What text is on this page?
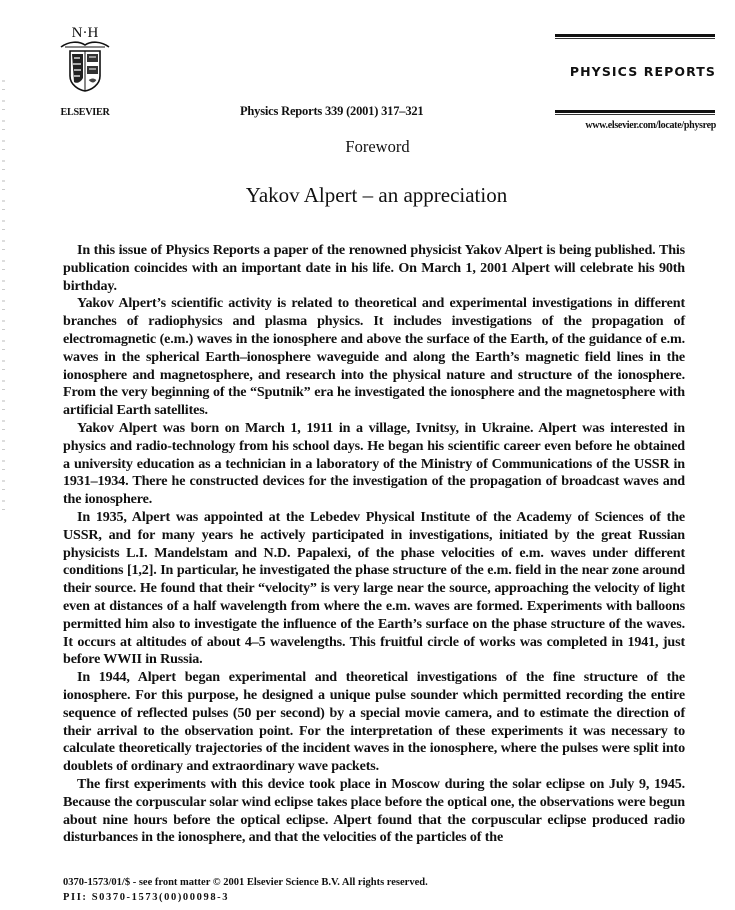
N·H
ELSEVIER
PHYSICS REPORTS
Physics Reports 339 (2001) 317–321
www.elsevier.com/locate/physrep
Foreword
Yakov Alpert – an appreciation

In this issue of Physics Reports a paper of the renowned physicist Yakov Alpert is being published. This publication coincides with an important date in his life. On March 1, 2001 Alpert will celebrate his 90th birthday.

Yakov Alpert’s scientific activity is related to theoretical and experimental investigations in different branches of radiophysics and plasma physics. It includes investigations of the propagation of electromagnetic (e.m.) waves in the ionosphere and above the surface of the Earth, of the guidance of e.m. waves in the spherical Earth–ionosphere waveguide and along the Earth’s magnetic field lines in the ionosphere and magnetosphere, and research into the physical nature and structure of the ionosphere. From the very beginning of the “Sputnik” era he investigated the ionosphere and the magnetosphere with artificial Earth satellites.

Yakov Alpert was born on March 1, 1911 in a village, Ivnitsy, in Ukraine. Alpert was interested in physics and radio-technology from his school days. He began his scientific career even before he obtained a university education as a technician in a laboratory of the Ministry of Communications of the USSR in 1931–1934. There he constructed devices for the investigation of the propagation of broadcast waves and the ionosphere.

In 1935, Alpert was appointed at the Lebedev Physical Institute of the Academy of Sciences of the USSR, and for many years he actively participated in investigations, initiated by the great Russian physicists L.I. Mandelstam and N.D. Papalexi, of the phase velocities of e.m. waves under different conditions [1,2]. In particular, he investigated the phase structure of the e.m. field in the near zone around their source. He found that their “velocity” is very large near the source, approaching the velocity of light even at distances of a half wavelength from where the e.m. waves are formed. Experiments with balloons permitted him also to investigate the influence of the Earth’s surface on the phase structure of the waves. It occurs at altitudes of about 4–5 wavelengths. This fruitful circle of works was completed in 1941, just before WWII in Russia.

In 1944, Alpert began experimental and theoretical investigations of the fine structure of the ionosphere. For this purpose, he designed a unique pulse sounder which permitted recording the entire sequence of reflected pulses (50 per second) by a special movie camera, and to estimate the direction of their arrival to the observation point. For the interpretation of these experiments it was necessary to calculate theoretically trajectories of the incident waves in the ionosphere, where the pulses were split into doublets of ordinary and extraordinary wave packets.

The first experiments with this device took place in Moscow during the solar eclipse on July 9, 1945. Because the corpuscular solar wind eclipse takes place before the optical one, the observations were begun about nine hours before the optical eclipse. Alpert found that the corpuscular eclipse produced radio disturbances in the ionosphere, and that the velocities of the particles of the

0370-1573/01/$ - see front matter © 2001 Elsevier Science B.V. All rights reserved.
PII: S0370-1573(00)00098-3
